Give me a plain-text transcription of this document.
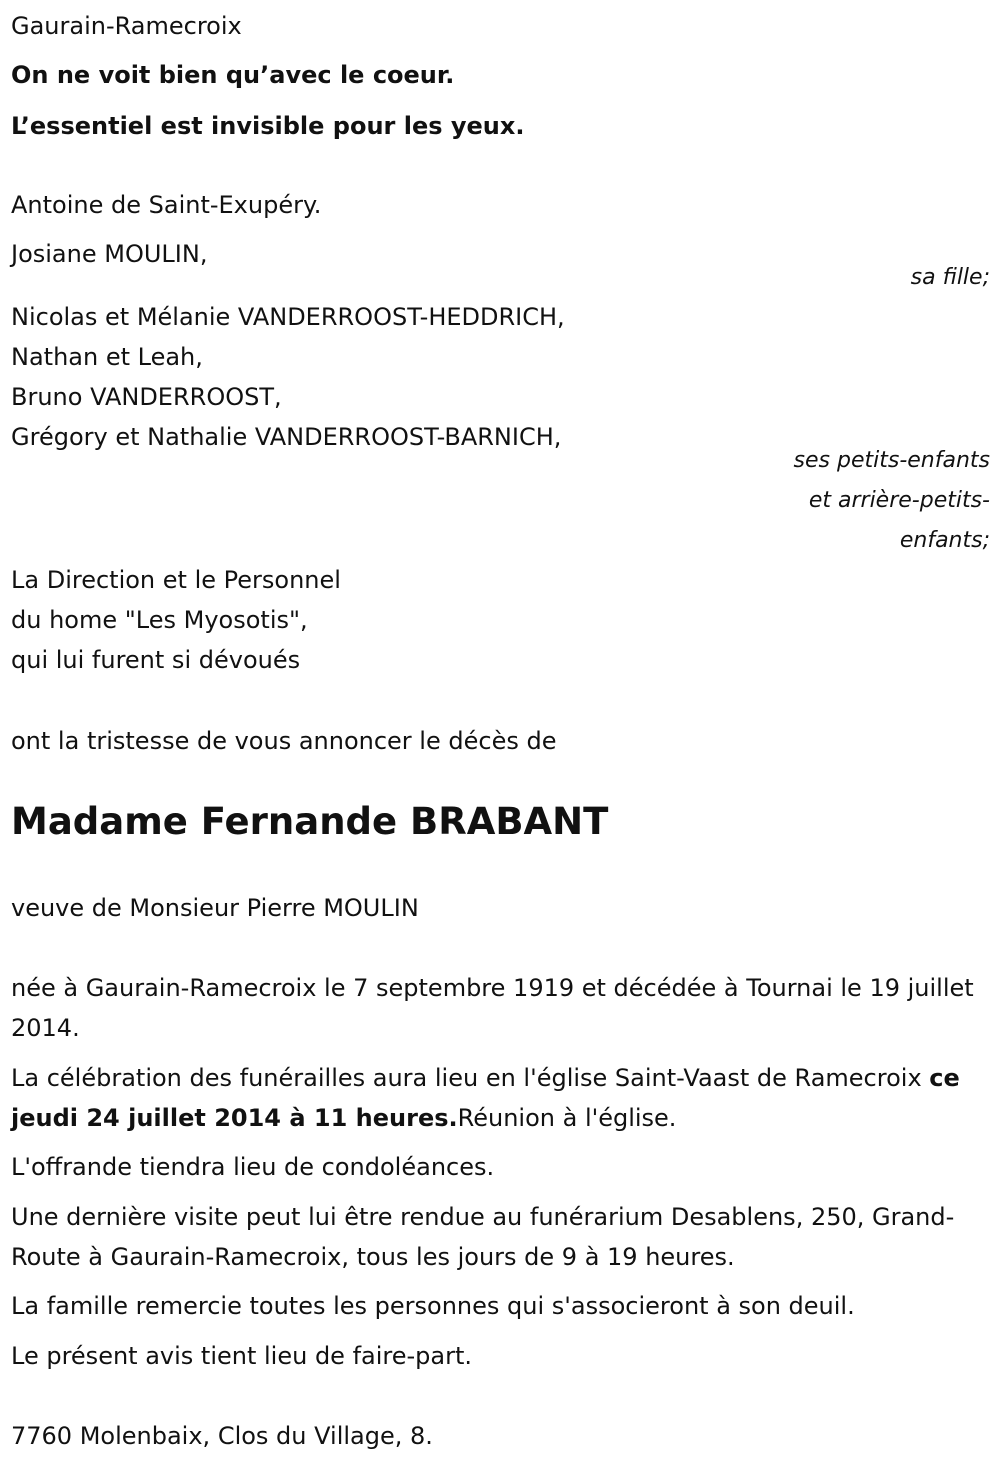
Gaurain-Ramecroix

On ne voit bien qu’avec le coeur.

L’essentiel est invisible pour les yeux.

Antoine de Saint-Exupéry.

Josiane MOULIN,

sa fille;

Nicolas et Mélanie VANDERROOST-HEDDRICH,

Nathan et Leah,

Bruno VANDERROOST,

Grégory et Nathalie VANDERROOST-BARNICH,

ses petits-enfants

et arrière-petits-

enfants;

La Direction et le Personnel

du home "Les Myosotis",

qui lui furent si dévoués

ont la tristesse de vous annoncer le décès de

Madame Fernande BRABANT

veuve de Monsieur Pierre MOULIN

née à Gaurain-Ramecroix le 7 septembre 1919 et décédée à Tournai le 19 juillet 2014.

La célébration des funérailles aura lieu en l'église Saint-Vaast de Ramecroix ce jeudi 24 juillet 2014 à 11 heures.Réunion à l'église.

L'offrande tiendra lieu de condoléances.

Une dernière visite peut lui être rendue au funérarium Desablens, 250, Grand-Route à Gaurain-Ramecroix, tous les jours de 9 à 19 heures.

La famille remercie toutes les personnes qui s'associeront à son deuil.

Le présent avis tient lieu de faire-part.

7760 Molenbaix, Clos du Village, 8.
